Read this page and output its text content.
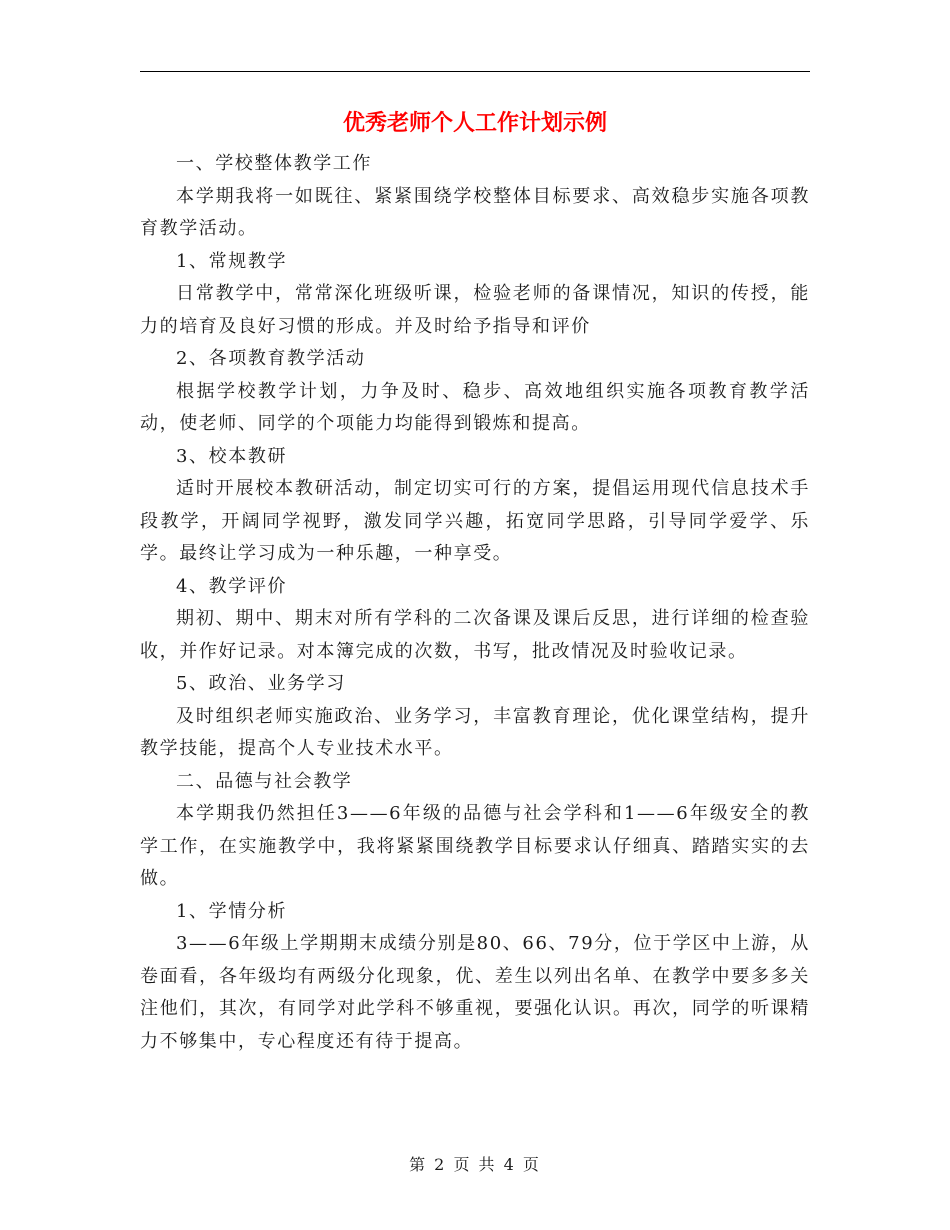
优秀老师个人工作计划示例

一、学校整体教学工作

本学期我将一如既往、紧紧围绕学校整体目标要求、高效稳步实施各项教育教学活动。

1、常规教学

日常教学中，常常深化班级听课，检验老师的备课情况，知识的传授，能力的培育及良好习惯的形成。并及时给予指导和评价

2、各项教育教学活动

根据学校教学计划，力争及时、稳步、高效地组织实施各项教育教学活动，使老师、同学的个项能力均能得到锻炼和提高。

3、校本教研

适时开展校本教研活动，制定切实可行的方案，提倡运用现代信息技术手段教学，开阔同学视野，激发同学兴趣，拓宽同学思路，引导同学爱学、乐学。最终让学习成为一种乐趣，一种享受。

4、教学评价

期初、期中、期末对所有学科的二次备课及课后反思，进行详细的检查验收，并作好记录。对本簿完成的次数，书写，批改情况及时验收记录。

5、政治、业务学习

及时组织老师实施政治、业务学习，丰富教育理论，优化课堂结构，提升教学技能，提高个人专业技术水平。

二、品德与社会教学

本学期我仍然担任3——6年级的品德与社会学科和1——6年级安全的教学工作，在实施教学中，我将紧紧围绕教学目标要求认仔细真、踏踏实实的去做。

1、学情分析

3——6年级上学期期末成绩分别是80、66、79分，位于学区中上游，从卷面看，各年级均有两级分化现象，优、差生以列出名单、在教学中要多多关注他们，其次，有同学对此学科不够重视，要强化认识。再次，同学的听课精力不够集中，专心程度还有待于提高。

第 2 页 共 4 页
